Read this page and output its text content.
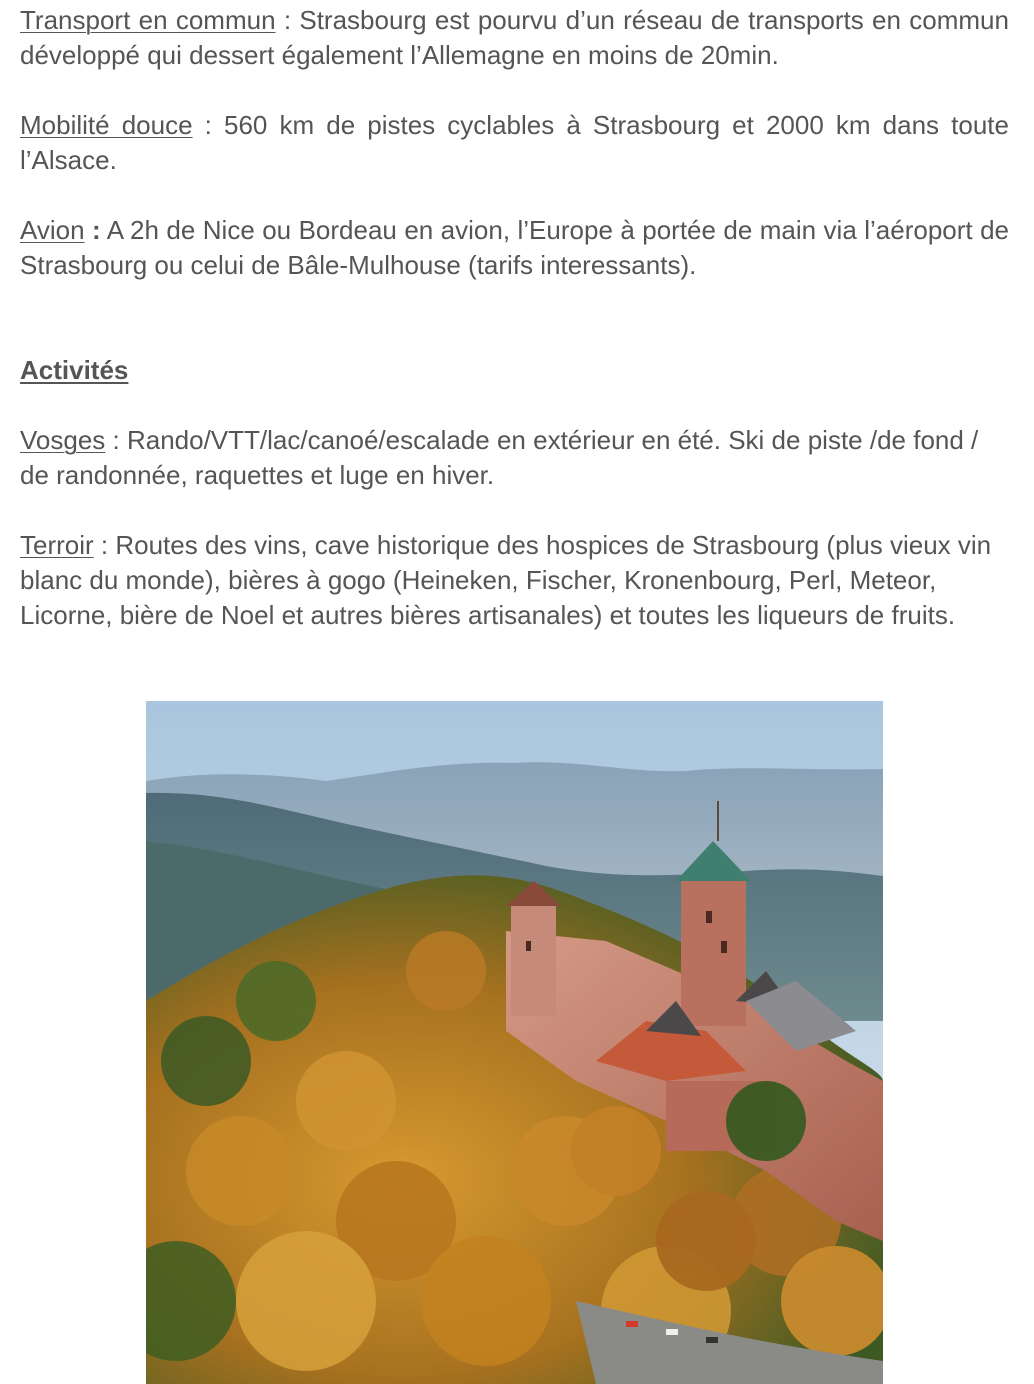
Transport en commun : Strasbourg est pourvu d’un réseau de transports en commun développé qui dessert également l’Allemagne en moins de 20min.

Mobilité douce : 560 km de pistes cyclables à Strasbourg et 2000 km dans toute l’Alsace.

Avion : A 2h de Nice ou Bordeau en avion, l’Europe à portée de main via l’aéroport de Strasbourg ou celui de Bâle-Mulhouse (tarifs interessants).

Activités

Vosges : Rando/VTT/lac/canoé/escalade en extérieur en été. Ski de piste /de fond / de randonnée, raquettes et luge en hiver.

Terroir : Routes des vins, cave historique des hospices de Strasbourg (plus vieux vin blanc du monde), bières à gogo (Heineken, Fischer, Kronenbourg, Perl, Meteor, Licorne, bière de Noel et autres bières artisanales) et toutes les liqueurs de fruits.
